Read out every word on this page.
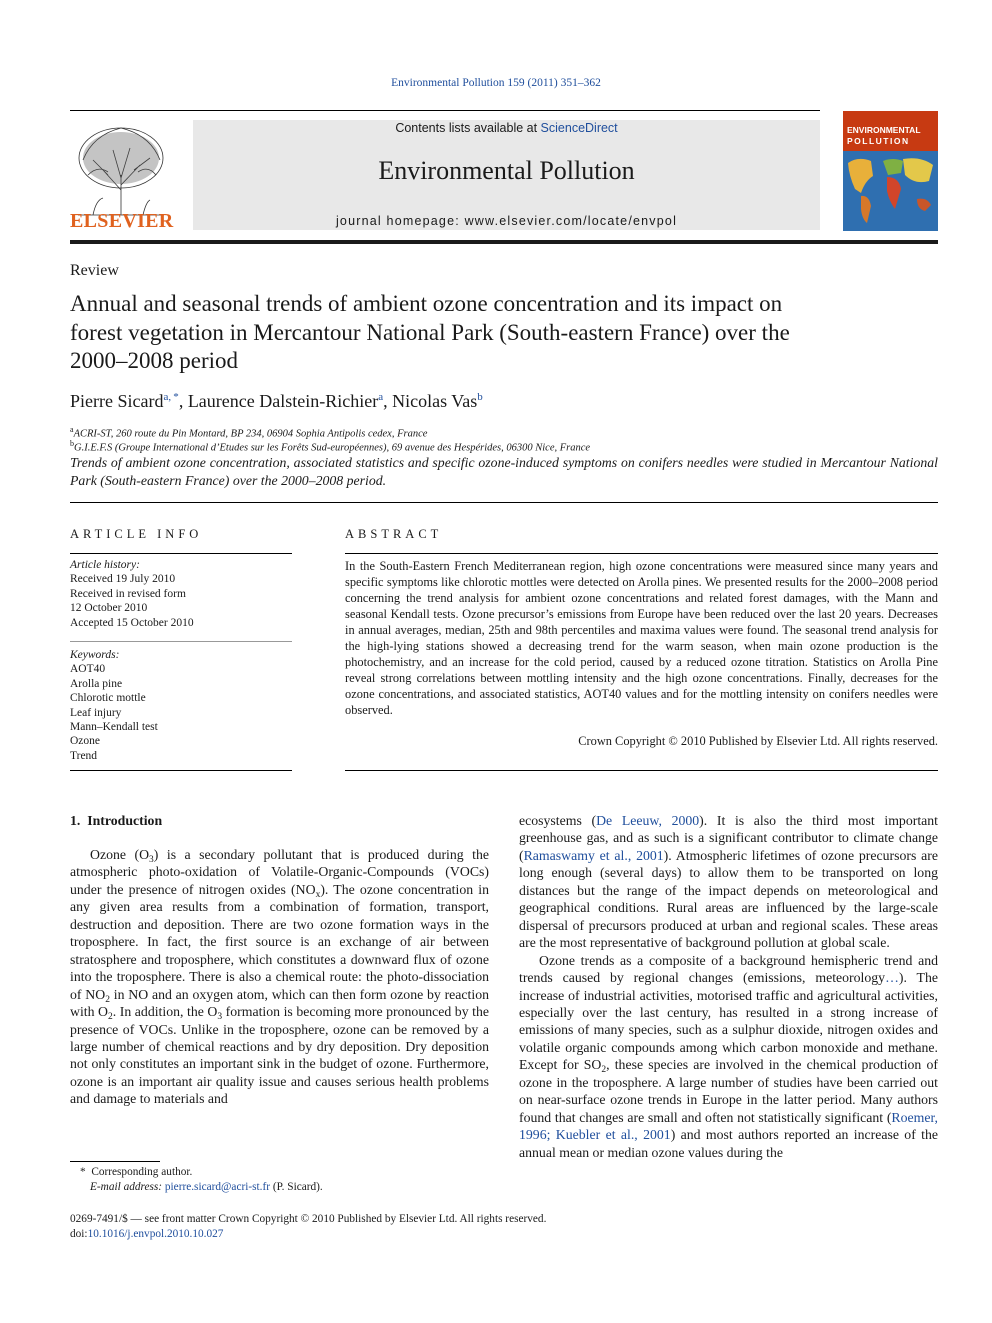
Environmental Pollution 159 (2011) 351–362
ELSEVIER
Contents lists available at ScienceDirect
Environmental Pollution
journal homepage: www.elsevier.com/locate/envpol
ENVIRONMENTAL
POLLUTION
Review
Annual and seasonal trends of ambient ozone concentration and its impact on forest vegetation in Mercantour National Park (South-eastern France) over the 2000–2008 period
Pierre Sicard$^{a, *}$, Laurence Dalstein-Richier$^a$, Nicolas Vas$^b$
$^a$ACRI-ST, 260 route du Pin Montard, BP 234, 06904 Sophia Antipolis cedex, France
$^b$G.I.E.F.S (Groupe International d’Etudes sur les Forêts Sud-européennes), 69 avenue des Hespérides, 06300 Nice, France
Trends of ambient ozone concentration, associated statistics and specific ozone-induced symptoms on conifers needles were studied in Mercantour National Park (South-eastern France) over the 2000–2008 period.
ARTICLE INFO
Article history:
Received 19 July 2010
Received in revised form
12 October 2010
Accepted 15 October 2010
Keywords:
AOT40
Arolla pine
Chlorotic mottle
Leaf injury
Mann–Kendall test
Ozone
Trend
ABSTRACT
In the South-Eastern French Mediterranean region, high ozone concentrations were measured since many years and specific symptoms like chlorotic mottles were detected on Arolla pines. We presented results for the 2000–2008 period concerning the trend analysis for ambient ozone concentrations and related forest damages, with the Mann and seasonal Kendall tests. Ozone precursor’s emissions from Europe have been reduced over the last 20 years. Decreases in annual averages, median, 25th and 98th percentiles and maxima values were found. The seasonal trend analysis for the high-lying stations showed a decreasing trend for the warm season, when main ozone production is the photochemistry, and an increase for the cold period, caused by a reduced ozone titration. Statistics on Arolla Pine reveal strong correlations between mottling intensity and the high ozone concentrations. Finally, decreases for the ozone concentrations, and associated statistics, AOT40 values and for the mottling intensity on conifers needles were observed.
Crown Copyright © 2010 Published by Elsevier Ltd. All rights reserved.
1. Introduction

Ozone $(O_3)$ is a secondary pollutant that is produced during the atmospheric photo-oxidation of Volatile-Organic-Compounds (VOCs) under the presence of nitrogen oxides $(NO_x)$. The ozone concentration in any given area results from a combination of formation, transport, destruction and deposition. There are two ozone formation ways in the troposphere. In fact, the first source is an exchange of air between stratosphere and troposphere, which constitutes a downward flux of ozone into the troposphere. There is also a chemical route: the photo-dissociation of $NO_2$ in NO and an oxygen atom, which can then form ozone by reaction with $O_2$. In addition, the $O_3$ formation is becoming more pronounced by the presence of VOCs. Unlike in the troposphere, ozone can be removed by a large number of chemical reactions and by dry deposition. Dry deposition not only constitutes an important sink in the budget of ozone. Furthermore, ozone is an important air quality issue and causes serious health problems and damage to materials and

ecosystems (De Leeuw, 2000). It is also the third most important greenhouse gas, and as such is a significant contributor to climate change (Ramaswamy et al., 2001). Atmospheric lifetimes of ozone precursors are long enough (several days) to allow them to be transported on long distances but the range of the impact depends on meteorological and geographical conditions. Rural areas are influenced by the large-scale dispersal of precursors produced at urban and regional scales. These areas are the most representative of background pollution at global scale.

Ozone trends as a composite of a background hemispheric trend and trends caused by regional changes (emissions, meteorology…). The increase of industrial activities, motorised traffic and agricultural activities, especially over the last century, has resulted in a strong increase of emissions of many species, such as a sulphur dioxide, nitrogen oxides and volatile organic compounds among which carbon monoxide and methane. Except for $SO_2$, these species are involved in the chemical production of ozone in the troposphere. A large number of studies have been carried out on near-surface ozone trends in Europe in the latter period. Many authors found that changes are small and often not statistically significant (Roemer, 1996; Kuebler et al., 2001) and most authors reported an increase of the annual mean or median ozone values during the

* Corresponding author.
E-mail address: pierre.sicard@acri-st.fr (P. Sicard).
0269-7491/$ — see front matter Crown Copyright © 2010 Published by Elsevier Ltd. All rights reserved.
doi:10.1016/j.envpol.2010.10.027
